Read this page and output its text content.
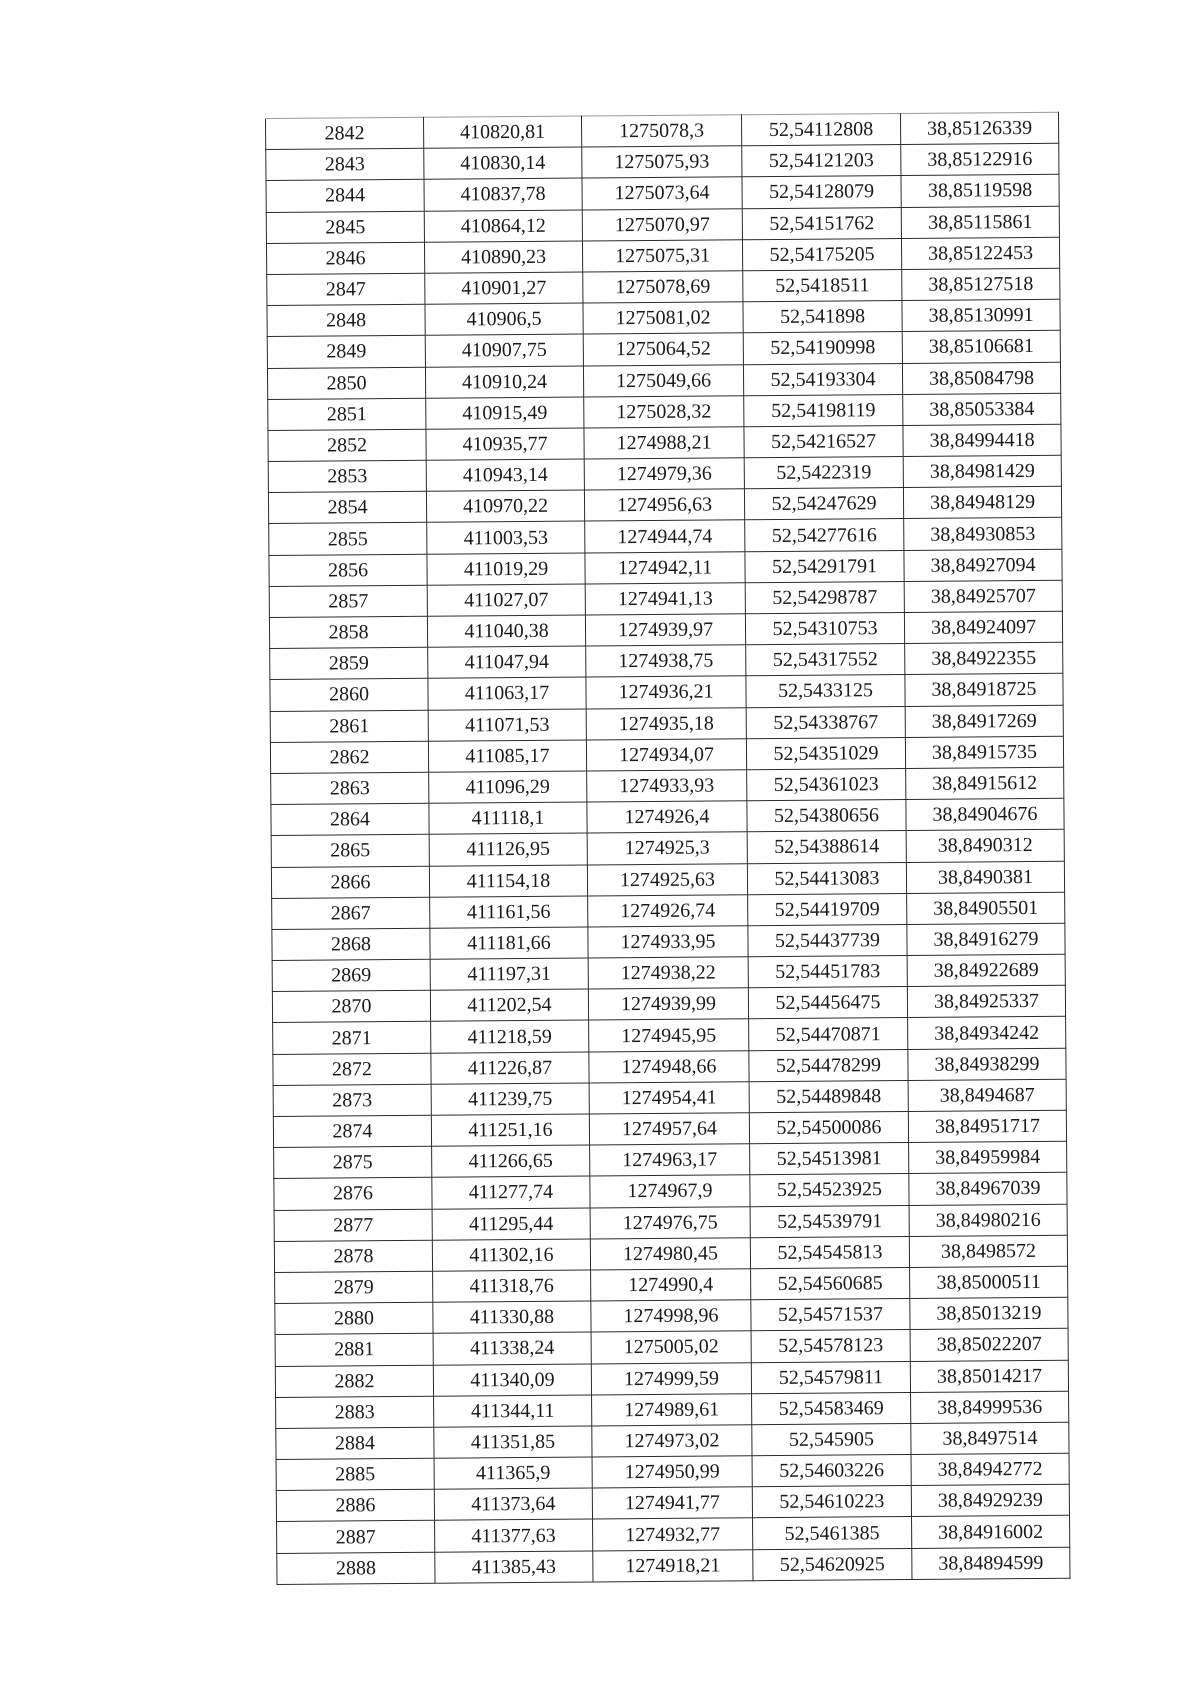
2842	410820,81	1275078,3	52,54112808	38,85126339
2843	410830,14	1275075,93	52,54121203	38,85122916
2844	410837,78	1275073,64	52,54128079	38,85119598
2845	410864,12	1275070,97	52,54151762	38,85115861
2846	410890,23	1275075,31	52,54175205	38,85122453
2847	410901,27	1275078,69	52,5418511	38,85127518
2848	410906,5	1275081,02	52,541898	38,85130991
2849	410907,75	1275064,52	52,54190998	38,85106681
2850	410910,24	1275049,66	52,54193304	38,85084798
2851	410915,49	1275028,32	52,54198119	38,85053384
2852	410935,77	1274988,21	52,54216527	38,84994418
2853	410943,14	1274979,36	52,5422319	38,84981429
2854	410970,22	1274956,63	52,54247629	38,84948129
2855	411003,53	1274944,74	52,54277616	38,84930853
2856	411019,29	1274942,11	52,54291791	38,84927094
2857	411027,07	1274941,13	52,54298787	38,84925707
2858	411040,38	1274939,97	52,54310753	38,84924097
2859	411047,94	1274938,75	52,54317552	38,84922355
2860	411063,17	1274936,21	52,5433125	38,84918725
2861	411071,53	1274935,18	52,54338767	38,84917269
2862	411085,17	1274934,07	52,54351029	38,84915735
2863	411096,29	1274933,93	52,54361023	38,84915612
2864	411118,1	1274926,4	52,54380656	38,84904676
2865	411126,95	1274925,3	52,54388614	38,8490312
2866	411154,18	1274925,63	52,54413083	38,8490381
2867	411161,56	1274926,74	52,54419709	38,84905501
2868	411181,66	1274933,95	52,54437739	38,84916279
2869	411197,31	1274938,22	52,54451783	38,84922689
2870	411202,54	1274939,99	52,54456475	38,84925337
2871	411218,59	1274945,95	52,54470871	38,84934242
2872	411226,87	1274948,66	52,54478299	38,84938299
2873	411239,75	1274954,41	52,54489848	38,8494687
2874	411251,16	1274957,64	52,54500086	38,84951717
2875	411266,65	1274963,17	52,54513981	38,84959984
2876	411277,74	1274967,9	52,54523925	38,84967039
2877	411295,44	1274976,75	52,54539791	38,84980216
2878	411302,16	1274980,45	52,54545813	38,8498572
2879	411318,76	1274990,4	52,54560685	38,85000511
2880	411330,88	1274998,96	52,54571537	38,85013219
2881	411338,24	1275005,02	52,54578123	38,85022207
2882	411340,09	1274999,59	52,54579811	38,85014217
2883	411344,11	1274989,61	52,54583469	38,84999536
2884	411351,85	1274973,02	52,545905	38,8497514
2885	411365,9	1274950,99	52,54603226	38,84942772
2886	411373,64	1274941,77	52,54610223	38,84929239
2887	411377,63	1274932,77	52,5461385	38,84916002
2888	411385,43	1274918,21	52,54620925	38,84894599
